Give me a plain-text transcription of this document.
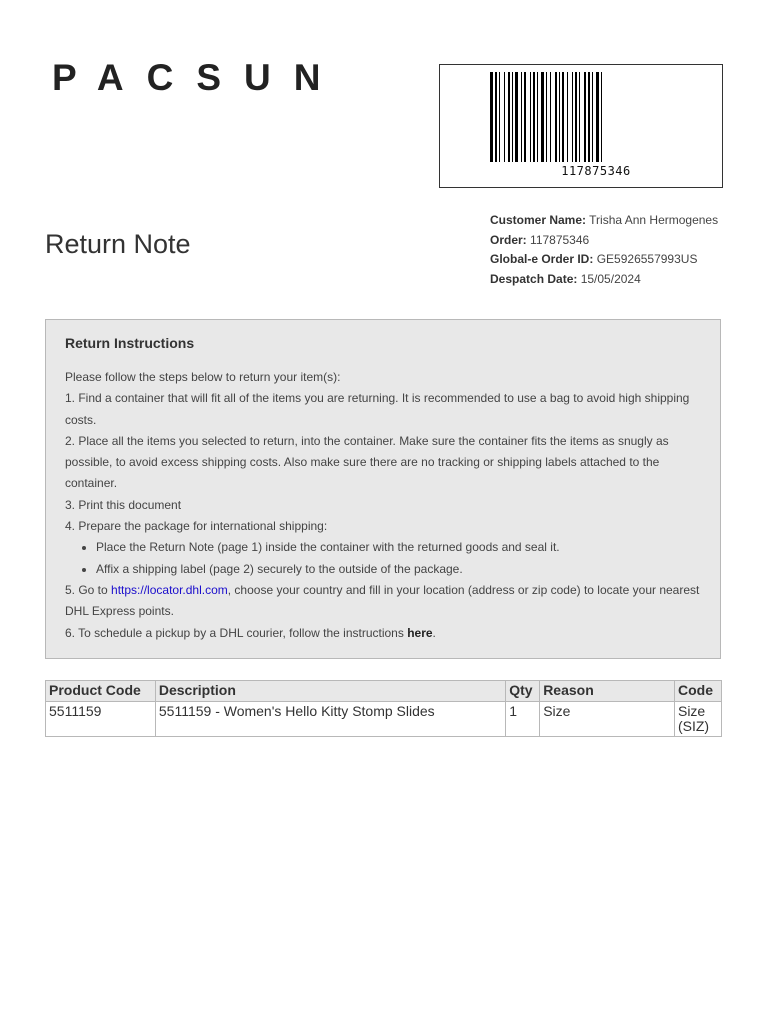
PACSUN
117875346
Return Note
Customer Name: Trisha Ann Hermogenes
Order: 117875346
Global-e Order ID: GE5926557993US
Despatch Date: 15/05/2024
Return Instructions

Please follow the steps below to return your item(s):

1. Find a container that will fit all of the items you are returning. It is recommended to use a bag to avoid high shipping costs.

2. Place all the items you selected to return, into the container. Make sure the container fits the items as snugly as possible, to avoid excess shipping costs. Also make sure there are no tracking or shipping labels attached to the container.

3. Print this document

4. Prepare the package for international shipping:

• Place the Return Note (page 1) inside the container with the returned goods and seal it.
• Affix a shipping label (page 2) securely to the outside of the package.

5. Go to https://locator.dhl.com, choose your country and fill in your location (address or zip code) to locate your nearest DHL Express points.

6. To schedule a pickup by a DHL courier, follow the instructions here.

Product Code	Description	Qty	Reason	Code
5511159	5511159 - Women's Hello Kitty Stomp Slides	1	Size	Size (SIZ)
